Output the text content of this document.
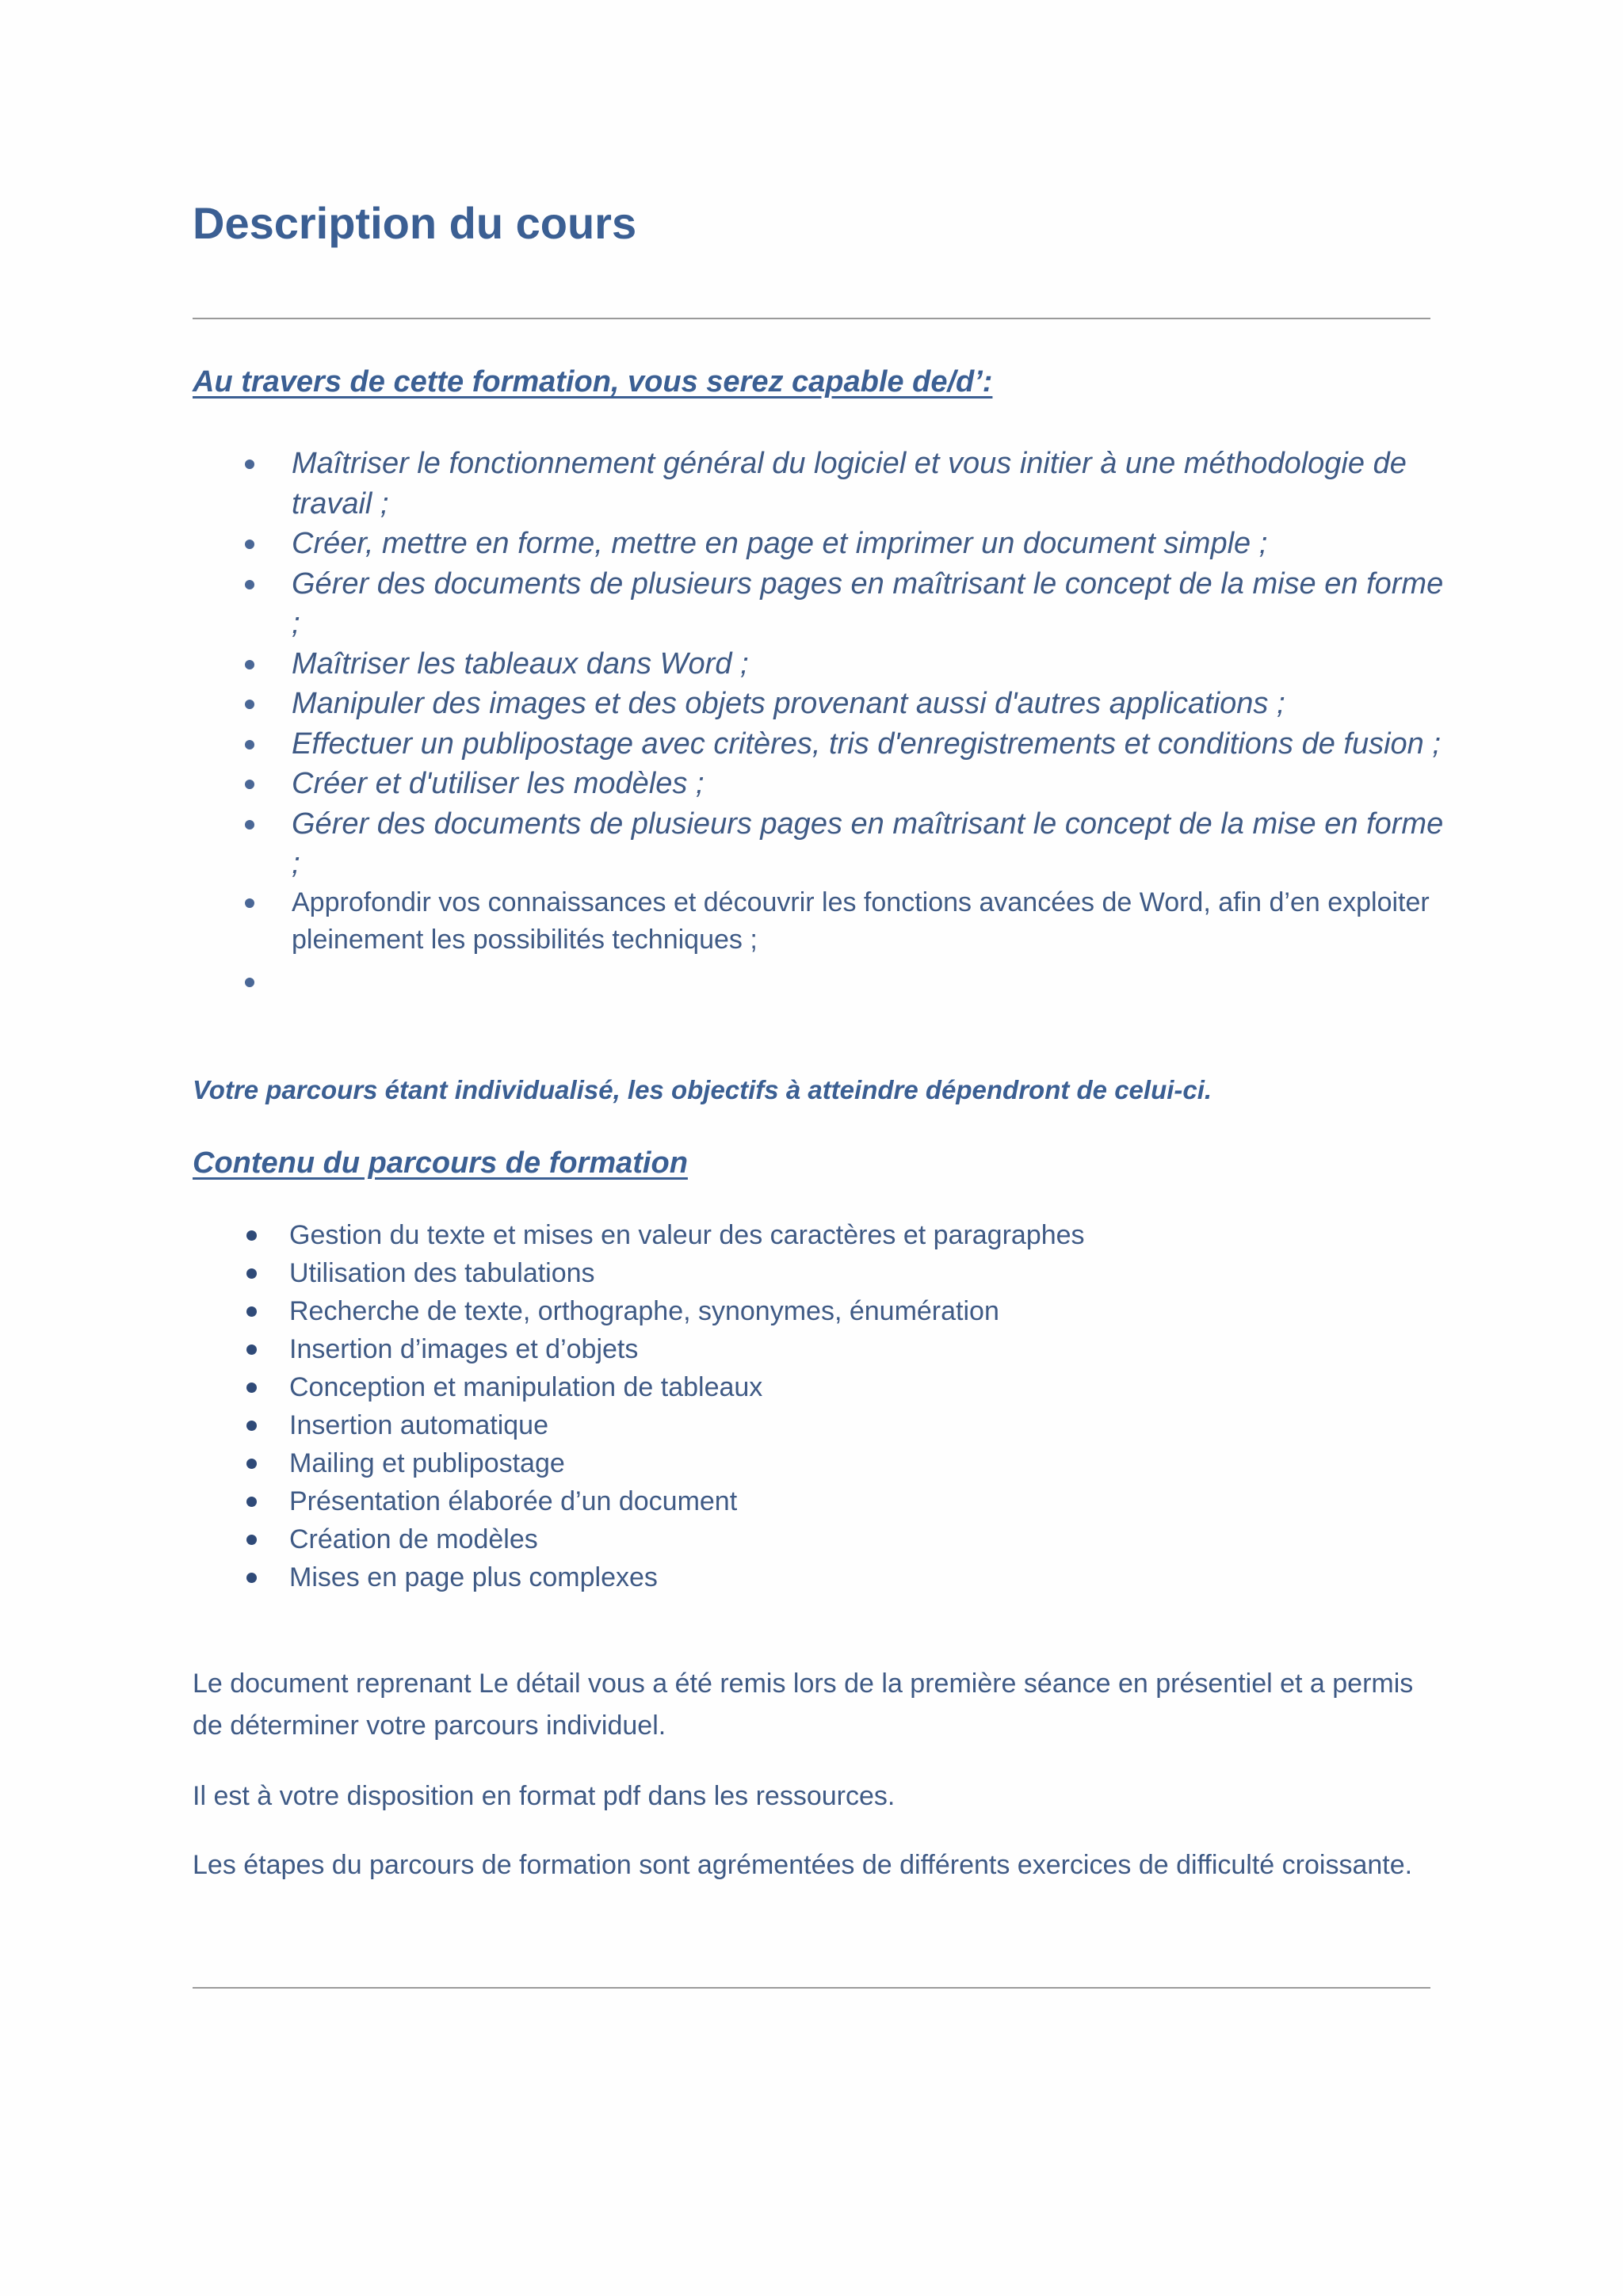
Description du cours
Au travers de cette formation, vous serez capable de/d’:
Maîtriser le fonctionnement général du logiciel et vous initier à une méthodologie de travail ;
Créer, mettre en forme, mettre en page et imprimer un document simple ;
Gérer des documents de plusieurs pages en maîtrisant le concept de la mise en forme ;
Maîtriser les tableaux dans Word ;
Manipuler des images et des objets provenant aussi d'autres applications ;
Effectuer un publipostage avec critères, tris d'enregistrements et conditions de fusion ;
Créer et d'utiliser les modèles ;
Gérer des documents de plusieurs pages en maîtrisant le concept de la mise en forme ;
Approfondir vos connaissances et découvrir les fonctions avancées de Word, afin d’en exploiter pleinement les possibilités techniques ;

Votre parcours étant individualisé, les objectifs à atteindre dépendront de celui-ci.

Contenu du parcours de formation
Gestion du texte et mises en valeur des caractères et paragraphes
Utilisation des tabulations
Recherche de texte, orthographe, synonymes, énumération
Insertion d’images et d’objets
Conception et manipulation de tableaux
Insertion automatique
Mailing et publipostage
Présentation élaborée d’un document
Création de modèles
Mises en page plus complexes

Le document reprenant Le détail vous a été remis lors de la première séance en présentiel et a permis de déterminer votre parcours individuel.

Il est à votre disposition en format pdf dans les ressources.

Les étapes du parcours de formation sont agrémentées de différents exercices de difficulté croissante.
